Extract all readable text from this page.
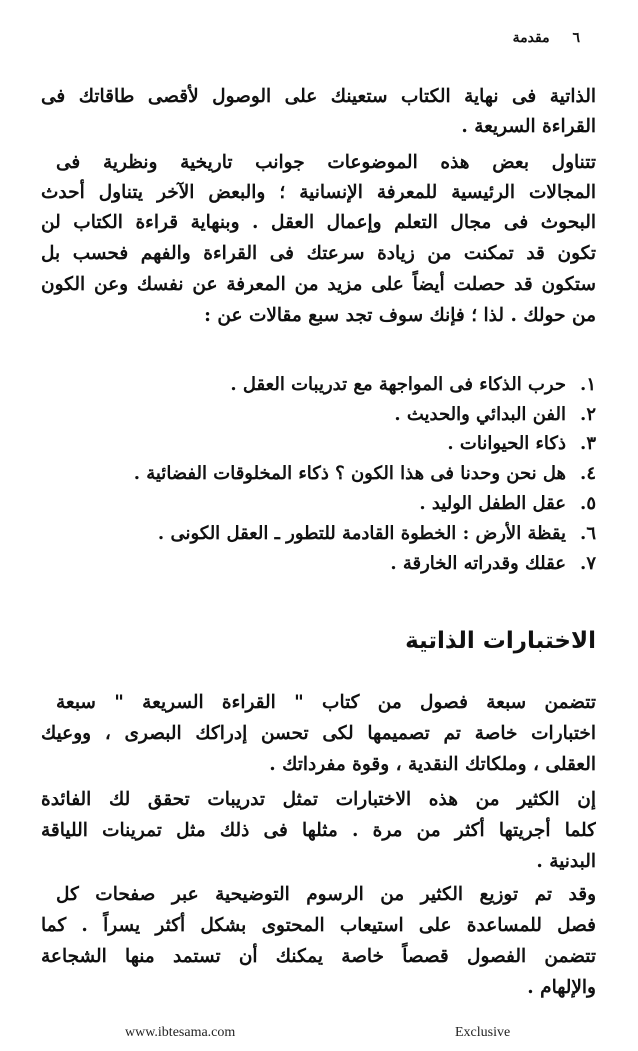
٦ مقدمة
الذاتية فى نهاية الكتاب ستعينك على الوصول لأقصى طاقاتك فى
القراءة السريعة .
تتناول بعض هذه الموضوعات جوانب تاريخية ونظرية فى
المجالات الرئيسية للمعرفة الإنسانية ؛ والبعض الآخر يتناول أحدث
البحوث فى مجال التعلم وإعمال العقل . وبنهاية قراءة الكتاب لن
تكون قد تمكنت من زيادة سرعتك فى القراءة والفهم فحسب بل
ستكون قد حصلت أيضاً على مزيد من المعرفة عن نفسك وعن الكون
من حولك . لذا ؛ فإنك سوف تجد سبع مقالات عن :
١.حرب الذكاء فى المواجهة مع تدريبات العقل .
٢.الفن البدائي والحديث .
٣.ذكاء الحيوانات .
٤.هل نحن وحدنا فى هذا الكون ؟ ذكاء المخلوقات الفضائية .
٥.عقل الطفل الوليد .
٦.يقظة الأرض : الخطوة القادمة للتطور ـ العقل الكونى .
٧.عقلك وقدراته الخارقة .
الاختبارات الذاتية
تتضمن سبعة فصول من كتاب " القراءة السريعة " سبعة
اختبارات خاصة تم تصميمها لكى تحسن إدراكك البصرى ، ووعيك
العقلى ، وملكاتك النقدية ، وقوة مفرداتك .
إن الكثير من هذه الاختبارات تمثل تدريبات تحقق لك الفائدة
كلما أجريتها أكثر من مرة . مثلها فى ذلك مثل تمرينات اللياقة
البدنية .
وقد تم توزيع الكثير من الرسوم التوضيحية عبر صفحات كل
فصل للمساعدة على استيعاب المحتوى بشكل أكثر يسراً . كما
تتضمن الفصول قصصاً خاصة يمكنك أن تستمد منها الشجاعة
والإلهام .
www.ibtesama.com	Exclusive
